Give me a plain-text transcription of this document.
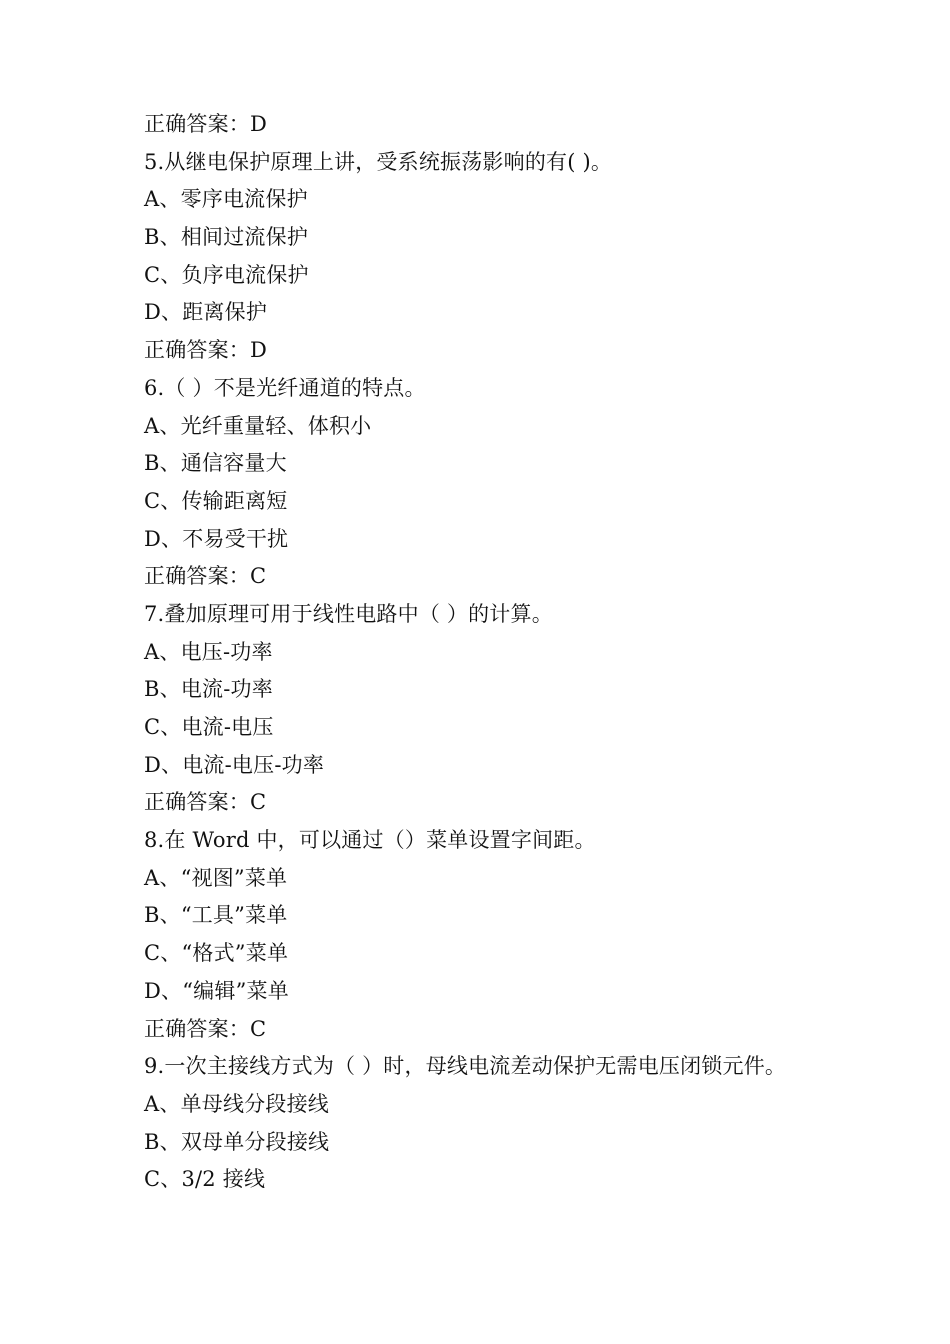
正确答案：D
5.从继电保护原理上讲，受系统振荡影响的有( )。
A、零序电流保护
B、相间过流保护
C、负序电流保护
D、距离保护
正确答案：D
6.（ ）不是光纤通道的特点。
A、光纤重量轻、体积小
B、通信容量大
C、传输距离短
D、不易受干扰
正确答案：C
7.叠加原理可用于线性电路中（ ）的计算。
A、电压-功率
B、电流-功率
C、电流-电压
D、电流-电压-功率
正确答案：C
8.在 Word 中，可以通过（）菜单设置字间距。
A、“视图”菜单
B、“工具”菜单
C、“格式”菜单
D、“编辑”菜单
正确答案：C
9.一次主接线方式为（ ）时，母线电流差动保护无需电压闭锁元件。
A、单母线分段接线
B、双母单分段接线
C、3/2 接线
